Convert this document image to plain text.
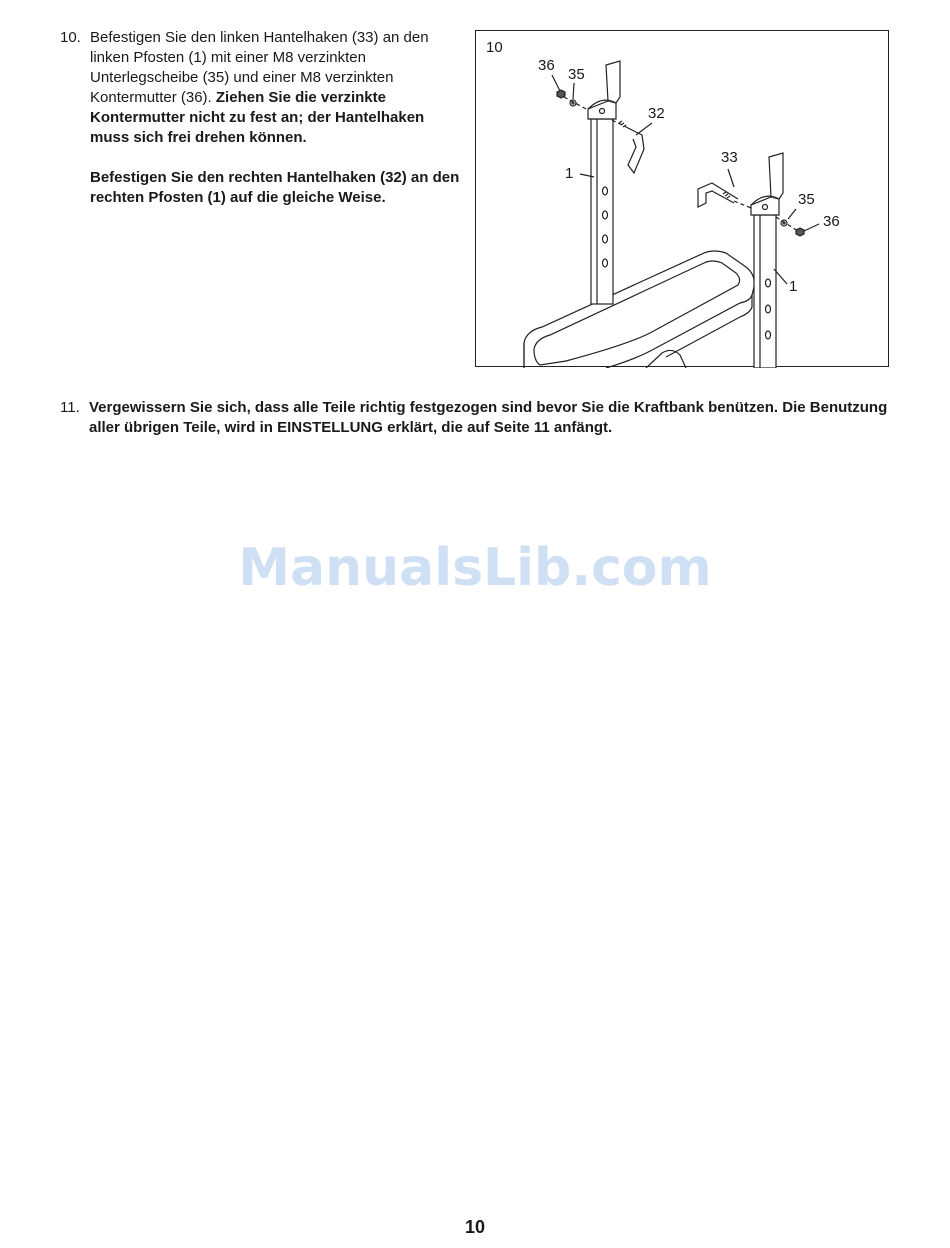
10. Befestigen Sie den linken Hantelhaken (33) an den linken Pfosten (1) mit einer M8 verzinkten Unterlegscheibe (35) und einer M8 verzinkten Kontermutter (36). Ziehen Sie die verzinkte Kontermutter nicht zu fest an; der Hantelhaken muss sich frei drehen können.

Befestigen Sie den rechten Hantelhaken (32) an den rechten Pfosten (1) auf die gleiche Weise.

10
36
35
32
1
33
35
36
1
11. Vergewissern Sie sich, dass alle Teile richtig festgezogen sind bevor Sie die Kraftbank benützen. Die Benutzung aller übrigen Teile, wird in EINSTELLUNG erklärt, die auf Seite 11 anfängt.
ManualsLib.com
10
